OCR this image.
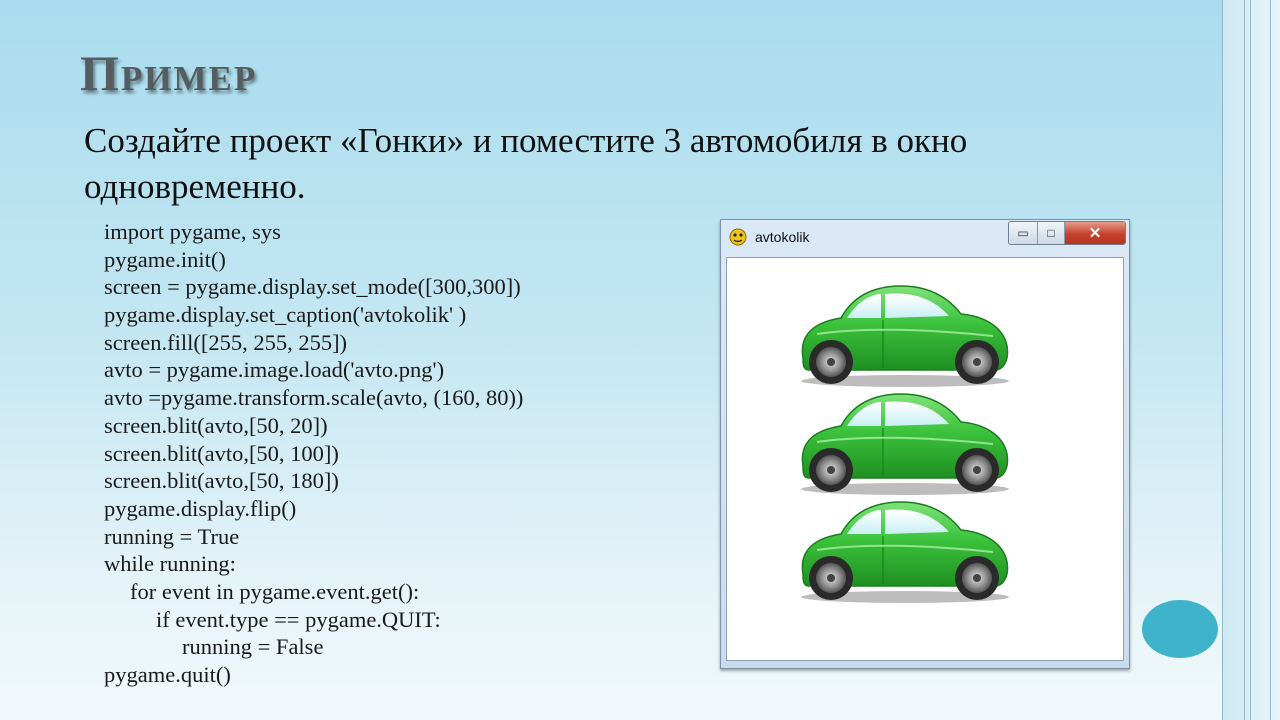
Пример
Создайте проект «Гонки» и поместите 3 автомобиля в окно одновременно.
import pygame, sys
pygame.init()
screen = pygame.display.set_mode([300,300])
pygame.display.set_caption('avtokolik' )
screen.fill([255, 255, 255])
avto = pygame.image.load('avto.png')
avto =pygame.transform.scale(avto, (160, 80))
screen.blit(avto,[50, 20])
screen.blit(avto,[50, 100])
screen.blit(avto,[50, 180])
pygame.display.flip()
running = True
while running:
for event in pygame.event.get():
if event.type == pygame.QUIT:
running = False
pygame.quit()
avtokolik	▭	□	✕
